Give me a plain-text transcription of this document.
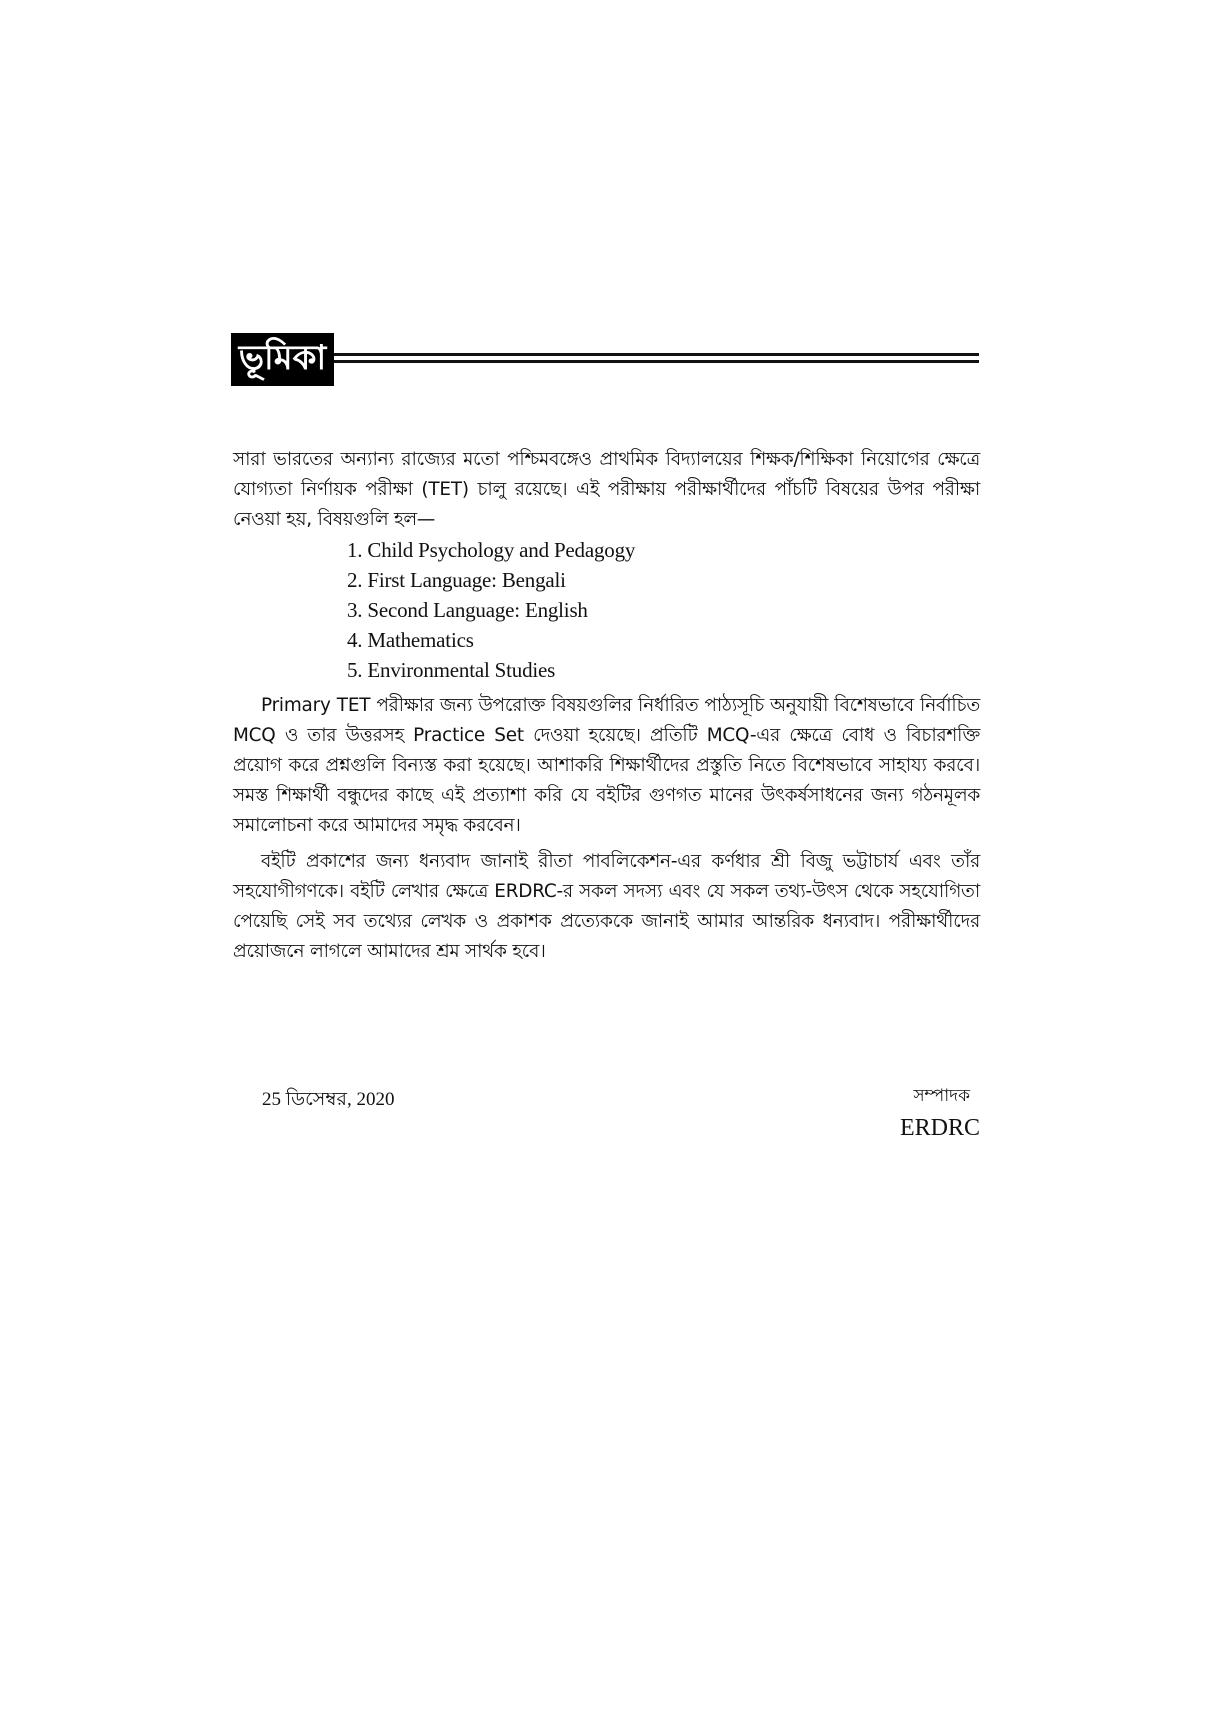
ভূমিকা

সারা ভারতের অন্যান্য রাজ্যের মতো পশ্চিমবঙ্গেও প্রাথমিক বিদ্যালয়ের শিক্ষক/শিক্ষিকা নিয়োগের ক্ষেত্রে যোগ্যতা নির্ণায়ক পরীক্ষা (TET) চালু রয়েছে। এই পরীক্ষায় পরীক্ষার্থীদের পাঁচটি বিষয়ের উপর পরীক্ষা নেওয়া হয়, বিষয়গুলি হল—

1. Child Psychology and Pedagogy
2. First Language: Bengali
3. Second Language: English
4. Mathematics
5. Environmental Studies

Primary TET পরীক্ষার জন্য উপরোক্ত বিষয়গুলির নির্ধারিত পাঠ্যসূচি অনুযায়ী বিশেষভাবে নির্বাচিত MCQ ও তার উত্তরসহ Practice Set দেওয়া হয়েছে। প্রতিটি MCQ-এর ক্ষেত্রে বোধ ও বিচারশক্তি প্রয়োগ করে প্রশ্নগুলি বিন্যস্ত করা হয়েছে। আশাকরি শিক্ষার্থীদের প্রস্তুতি নিতে বিশেষভাবে সাহায্য করবে। সমস্ত শিক্ষার্থী বন্ধুদের কাছে এই প্রত্যাশা করি যে বইটির গুণগত মানের উৎকর্ষসাধনের জন্য গঠনমূলক সমালোচনা করে আমাদের সমৃদ্ধ করবেন।

বইটি প্রকাশের জন্য ধন্যবাদ জানাই রীতা পাবলিকেশন-এর কর্ণধার শ্রী বিজু ভট্টাচার্য এবং তাঁর সহযোগীগণকে। বইটি লেখার ক্ষেত্রে ERDRC-র সকল সদস্য এবং যে সকল তথ্য-উৎস থেকে সহযোগিতা পেয়েছি সেই সব তথ্যের লেখক ও প্রকাশক প্রত্যেককে জানাই আমার আন্তরিক ধন্যবাদ। পরীক্ষার্থীদের প্রয়োজনে লাগলে আমাদের শ্রম সার্থক হবে।

25 ডিসেম্বর, 2020	সম্পাদক
ERDRC
